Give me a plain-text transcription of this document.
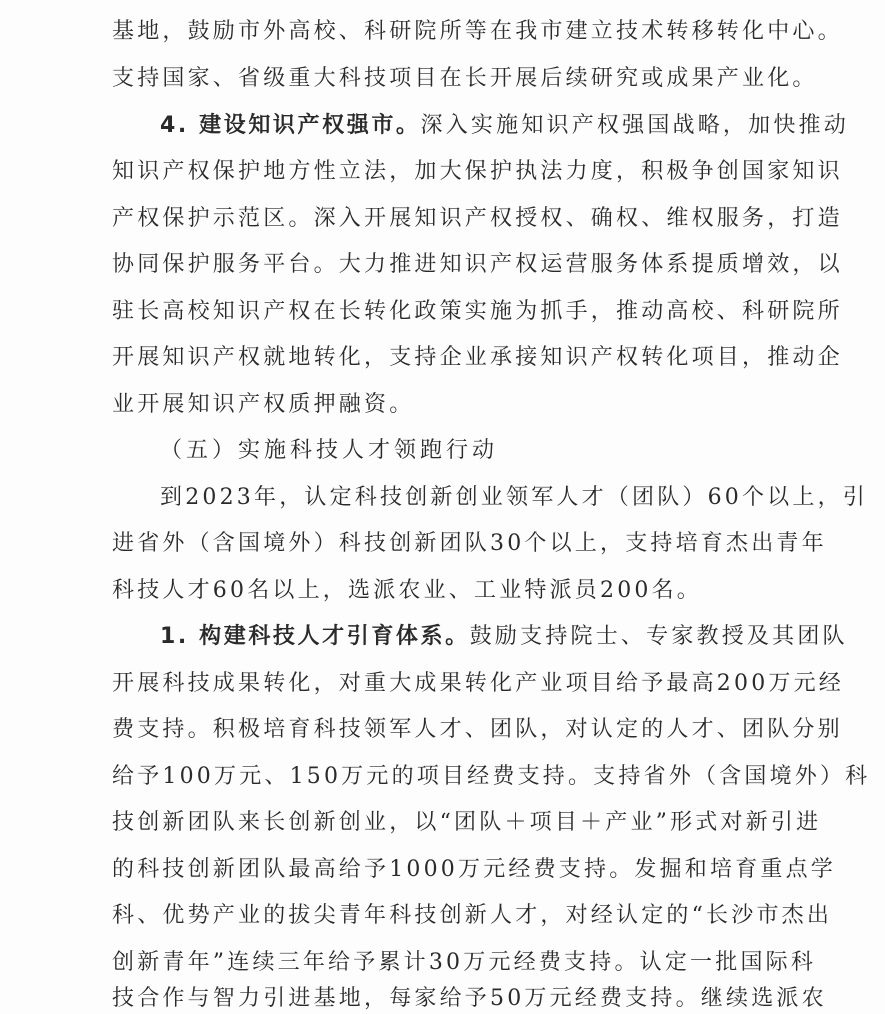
基地，鼓励市外高校、科研院所等在我市建立技术转移转化中心。
支持国家、省级重大科技项目在长开展后续研究或成果产业化。
4. 建设知识产权强市。深入实施知识产权强国战略，加快推动
知识产权保护地方性立法，加大保护执法力度，积极争创国家知识
产权保护示范区。深入开展知识产权授权、确权、维权服务，打造
协同保护服务平台。大力推进知识产权运营服务体系提质增效，以
驻长高校知识产权在长转化政策实施为抓手，推动高校、科研院所
开展知识产权就地转化，支持企业承接知识产权转化项目，推动企
业开展知识产权质押融资。
（五）实施科技人才领跑行动
到2023年，认定科技创新创业领军人才（团队）60个以上，引
进省外（含国境外）科技创新团队30个以上，支持培育杰出青年
科技人才60名以上，选派农业、工业特派员200名。
1. 构建科技人才引育体系。鼓励支持院士、专家教授及其团队
开展科技成果转化，对重大成果转化产业项目给予最高200万元经
费支持。积极培育科技领军人才、团队，对认定的人才、团队分别
给予100万元、150万元的项目经费支持。支持省外（含国境外）科
技创新团队来长创新创业，以“团队＋项目＋产业”形式对新引进
的科技创新团队最高给予1000万元经费支持。发掘和培育重点学
科、优势产业的拔尖青年科技创新人才，对经认定的“长沙市杰出
创新青年”连续三年给予累计30万元经费支持。认定一批国际科
技合作与智力引进基地，每家给予50万元经费支持。继续选派农
